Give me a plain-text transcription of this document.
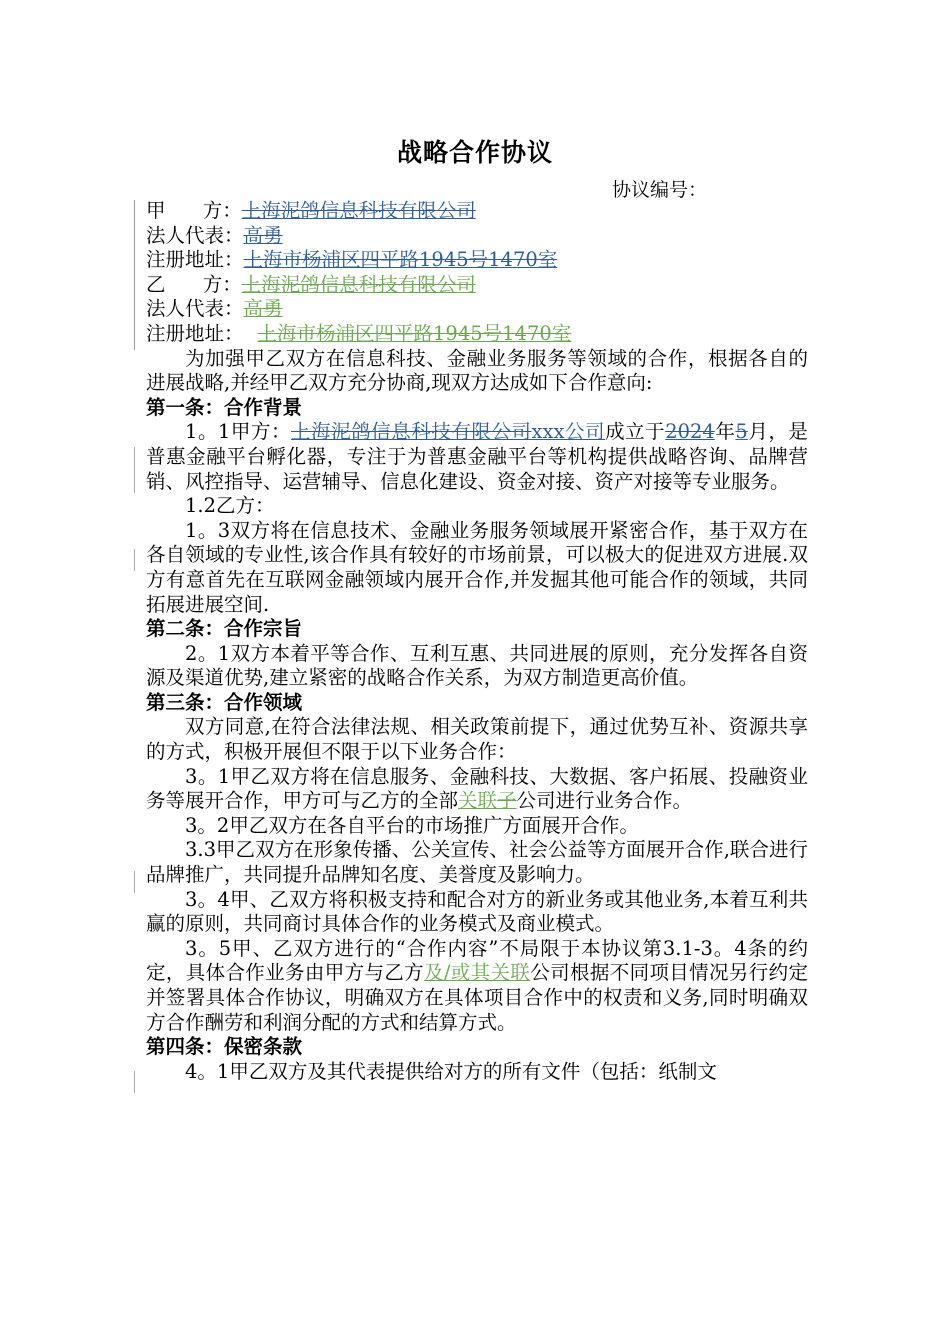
战略合作协议
协议编号：
甲      方：上海泥鸽信息科技有限公司
法人代表：高勇
注册地址：上海市杨浦区四平路1945号1470室
乙      方：上海泥鸽信息科技有限公司
法人代表：高勇
注册地址： 上海市杨浦区四平路1945号1470室

为加强甲乙双方在信息科技、金融业务服务等领域的合作，根据各自的进展战略,并经甲乙双方充分协商,现双方达成如下合作意向:

第一条：合作背景

1。1甲方：上海泥鸽信息科技有限公司xxx公司成立于2024年5月，是普惠金融平台孵化器，专注于为普惠金融平台等机构提供战略咨询、品牌营销、风控指导、运营辅导、信息化建设、资金对接、资产对接等专业服务。

1.2乙方：

1。3双方将在信息技术、金融业务服务领域展开紧密合作，基于双方在各自领域的专业性,该合作具有较好的市场前景，可以极大的促进双方进展.双方有意首先在互联网金融领域内展开合作,并发掘其他可能合作的领域，共同拓展进展空间.

第二条：合作宗旨

2。1双方本着平等合作、互利互惠、共同进展的原则，充分发挥各自资源及渠道优势,建立紧密的战略合作关系，为双方制造更高价值。

第三条：合作领域

双方同意,在符合法律法规、相关政策前提下，通过优势互补、资源共享的方式，积极开展但不限于以下业务合作：

3。1甲乙双方将在信息服务、金融科技、大数据、客户拓展、投融资业务等展开合作，甲方可与乙方的全部关联子公司进行业务合作。

3。2甲乙双方在各自平台的市场推广方面展开合作。

3.3甲乙双方在形象传播、公关宣传、社会公益等方面展开合作,联合进行品牌推广，共同提升品牌知名度、美誉度及影响力。

3。4甲、乙双方将积极支持和配合对方的新业务或其他业务,本着互利共赢的原则，共同商讨具体合作的业务模式及商业模式。

3。5甲、乙双方进行的“合作内容”不局限于本协议第3.1-3。4条的约定，具体合作业务由甲方与乙方及/或其关联公司根据不同项目情况另行约定并签署具体合作协议，明确双方在具体项目合作中的权责和义务,同时明确双方合作酬劳和利润分配的方式和结算方式。

第四条：保密条款

4。1甲乙双方及其代表提供给对方的所有文件（包括：纸制文
